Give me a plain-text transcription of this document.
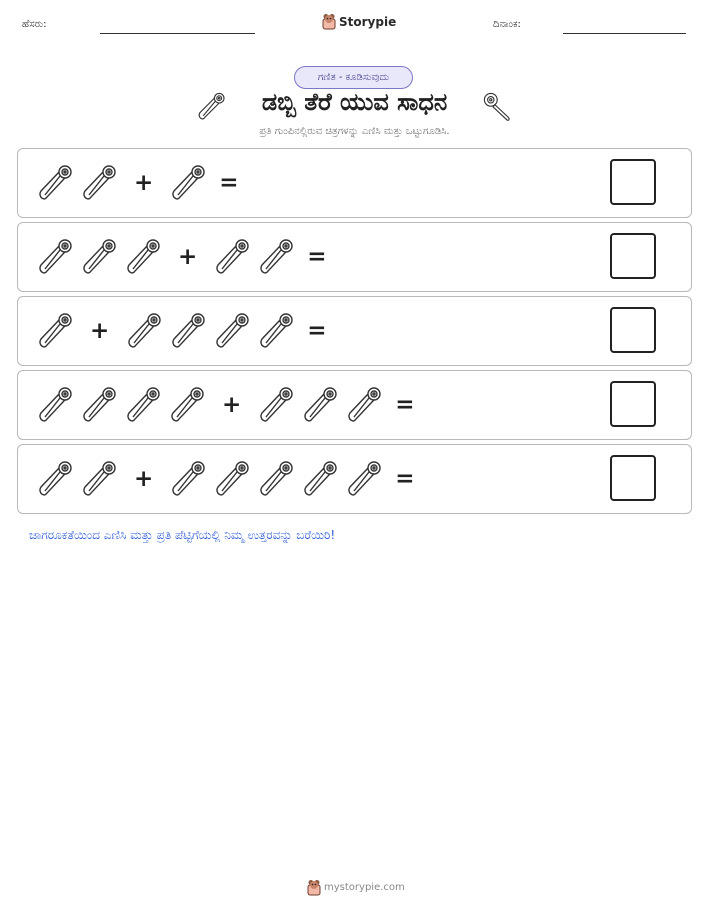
ಹೆಸರು:	Storypie	ದಿನಾಂಕ:
ಗಣಿತ - ಕೂಡಿಸುವುದು
ಡಬ್ಬಿ ತೆರೆ ಯುವ ಸಾಧನ
ಪ್ರತಿ ಗುಂಪಿನಲ್ಲಿರುವ ಚಿತ್ರಗಳನ್ನು ಎಣಿಸಿ ಮತ್ತು ಒಟ್ಟುಗೂಡಿಸಿ.
+	=
+	=
+	=
+	=
+	=
ಜಾಗರೂಕತೆಯಿಂದ ಎಣಿಸಿ ಮತ್ತು ಪ್ರತಿ ಪೆಟ್ಟಿಗೆಯಲ್ಲಿ ನಿಮ್ಮ ಉತ್ತರವನ್ನು ಬರೆಯಿರಿ!
mystorypie.com
